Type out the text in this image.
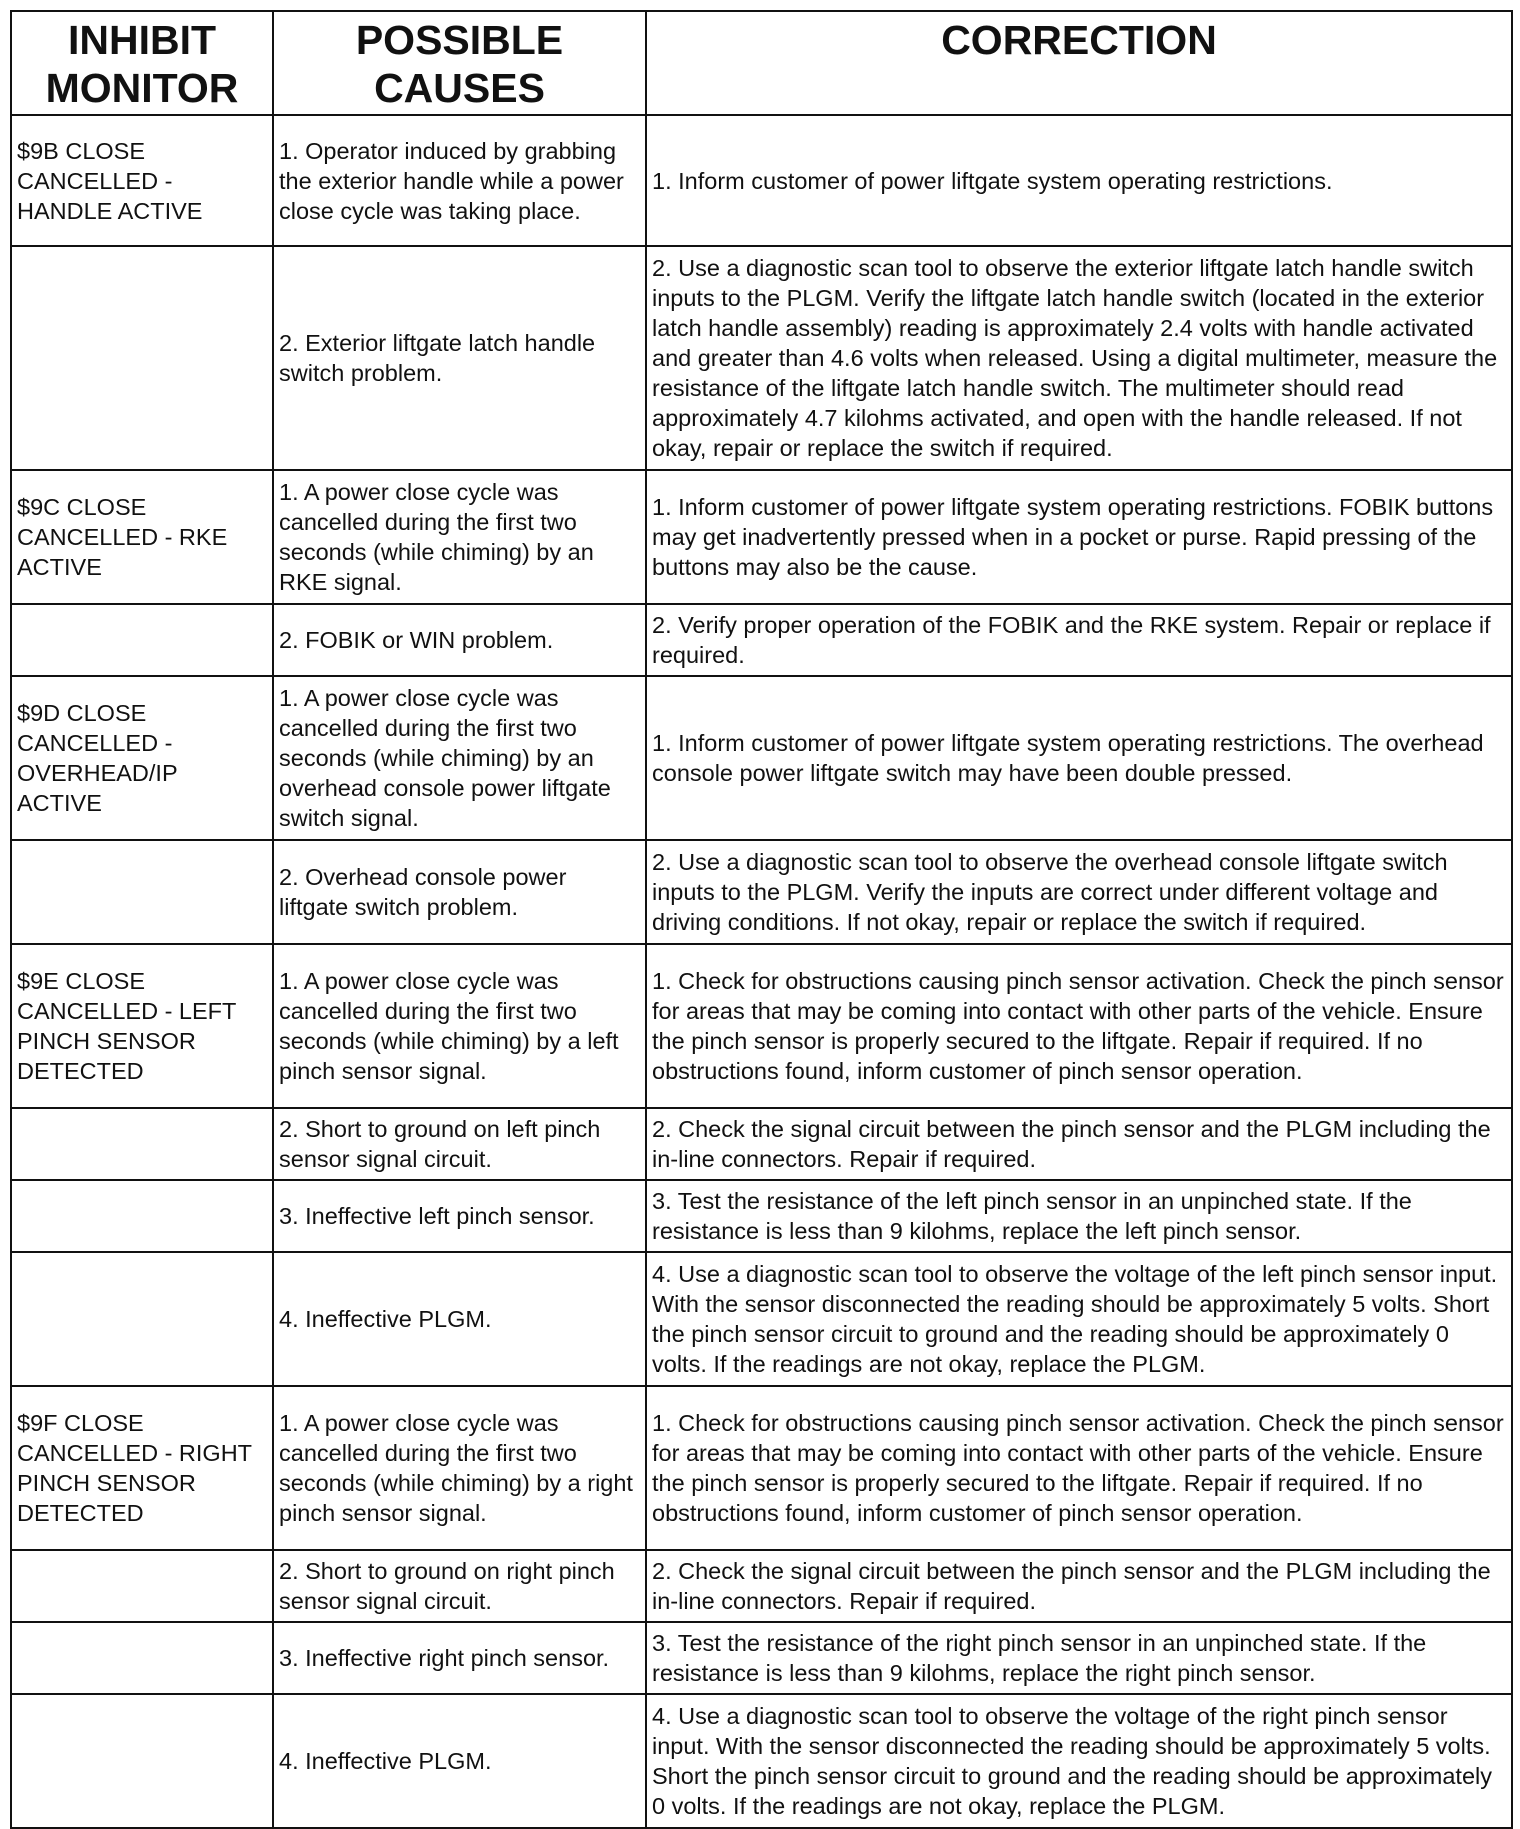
INHIBIT MONITOR	POSSIBLE CAUSES	CORRECTION
$9B CLOSE CANCELLED - HANDLE ACTIVE	1. Operator induced by grabbing the exterior handle while a power close cycle was taking place.	1. Inform customer of power liftgate system operating restrictions.
	2. Exterior liftgate latch handle switch problem.	2. Use a diagnostic scan tool to observe the exterior liftgate latch handle switch inputs to the PLGM. Verify the liftgate latch handle switch (located in the exterior latch handle assembly) reading is approximately 2.4 volts with handle activated and greater than 4.6 volts when released. Using a digital multimeter, measure the resistance of the liftgate latch handle switch. The multimeter should read approximately 4.7 kilohms activated, and open with the handle released. If not okay, repair or replace the switch if required.
$9C CLOSE CANCELLED - RKE ACTIVE	1. A power close cycle was cancelled during the first two seconds (while chiming) by an RKE signal.	1. Inform customer of power liftgate system operating restrictions. FOBIK buttons may get inadvertently pressed when in a pocket or purse. Rapid pressing of the buttons may also be the cause.
	2. FOBIK or WIN problem.	2. Verify proper operation of the FOBIK and the RKE system. Repair or replace if required.
$9D CLOSE CANCELLED - OVERHEAD/IP ACTIVE	1. A power close cycle was cancelled during the first two seconds (while chiming) by an overhead console power liftgate switch signal.	1. Inform customer of power liftgate system operating restrictions. The overhead console power liftgate switch may have been double pressed.
	2. Overhead console power liftgate switch problem.	2. Use a diagnostic scan tool to observe the overhead console liftgate switch inputs to the PLGM. Verify the inputs are correct under different voltage and driving conditions. If not okay, repair or replace the switch if required.
$9E CLOSE CANCELLED - LEFT PINCH SENSOR DETECTED	1. A power close cycle was cancelled during the first two seconds (while chiming) by a left pinch sensor signal.	1. Check for obstructions causing pinch sensor activation. Check the pinch sensor for areas that may be coming into contact with other parts of the vehicle. Ensure the pinch sensor is properly secured to the liftgate. Repair if required. If no obstructions found, inform customer of pinch sensor operation.
	2. Short to ground on left pinch sensor signal circuit.	2. Check the signal circuit between the pinch sensor and the PLGM including the in-line connectors. Repair if required.
	3. Ineffective left pinch sensor.	3. Test the resistance of the left pinch sensor in an unpinched state. If the resistance is less than 9 kilohms, replace the left pinch sensor.
	4. Ineffective PLGM.	4. Use a diagnostic scan tool to observe the voltage of the left pinch sensor input. With the sensor disconnected the reading should be approximately 5 volts. Short the pinch sensor circuit to ground and the reading should be approximately 0 volts. If the readings are not okay, replace the PLGM.
$9F CLOSE CANCELLED - RIGHT PINCH SENSOR DETECTED	1. A power close cycle was cancelled during the first two seconds (while chiming) by a right pinch sensor signal.	1. Check for obstructions causing pinch sensor activation. Check the pinch sensor for areas that may be coming into contact with other parts of the vehicle. Ensure the pinch sensor is properly secured to the liftgate. Repair if required. If no obstructions found, inform customer of pinch sensor operation.
	2. Short to ground on right pinch sensor signal circuit.	2. Check the signal circuit between the pinch sensor and the PLGM including the in-line connectors. Repair if required.
	3. Ineffective right pinch sensor.	3. Test the resistance of the right pinch sensor in an unpinched state. If the resistance is less than 9 kilohms, replace the right pinch sensor.
	4. Ineffective PLGM.	4. Use a diagnostic scan tool to observe the voltage of the right pinch sensor input. With the sensor disconnected the reading should be approximately 5 volts. Short the pinch sensor circuit to ground and the reading should be approximately 0 volts. If the readings are not okay, replace the PLGM.
